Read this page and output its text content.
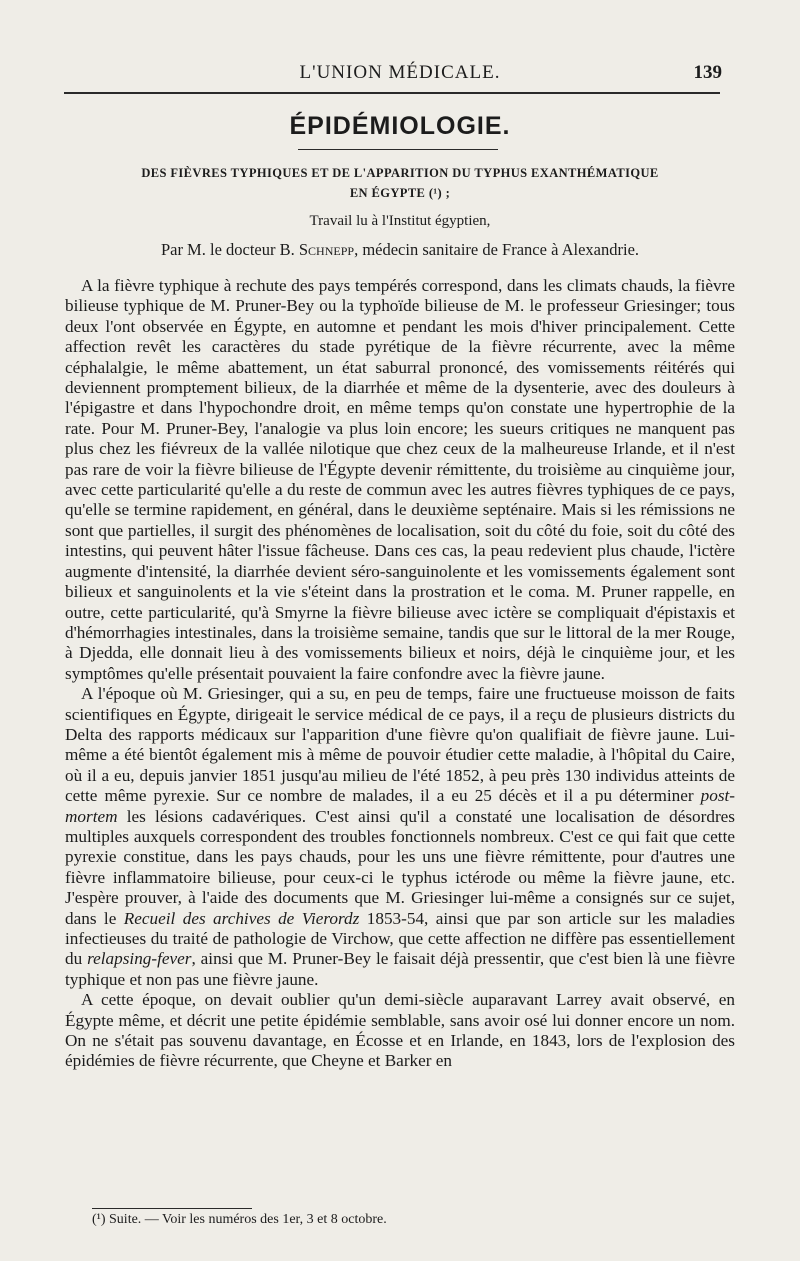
L'UNION MÉDICALE.	139
ÉPIDÉMIOLOGIE.
DES FIÈVRES TYPHIQUES ET DE L'APPARITION DU TYPHUS EXANTHÉMATIQUE
EN ÉGYPTE (¹) ;
Travail lu à l'Institut égyptien,
Par M. le docteur B. Schnepp, médecin sanitaire de France à Alexandrie.

A la fièvre typhique à rechute des pays tempérés correspond, dans les climats chauds, la fièvre bilieuse typhique de M. Pruner-Bey ou la typhoïde bilieuse de M. le professeur Griesinger; tous deux l'ont observée en Égypte, en automne et pendant les mois d'hiver principalement. Cette affection revêt les caractères du stade pyrétique de la fièvre récurrente, avec la même céphalalgie, le même abattement, un état saburral prononcé, des vomissements réitérés qui deviennent promptement bilieux, de la diarrhée et même de la dysenterie, avec des douleurs à l'épigastre et dans l'hypochondre droit, en même temps qu'on constate une hypertrophie de la rate. Pour M. Pruner-Bey, l'analogie va plus loin encore; les sueurs critiques ne manquent pas plus chez les fiévreux de la vallée nilotique que chez ceux de la malheureuse Irlande, et il n'est pas rare de voir la fièvre bilieuse de l'Égypte devenir rémittente, du troisième au cinquième jour, avec cette particularité qu'elle a du reste de commun avec les autres fièvres typhiques de ce pays, qu'elle se termine rapidement, en général, dans le deuxième septénaire. Mais si les rémissions ne sont que partielles, il surgit des phénomènes de localisation, soit du côté du foie, soit du côté des intestins, qui peuvent hâter l'issue fâcheuse. Dans ces cas, la peau redevient plus chaude, l'ictère augmente d'intensité, la diarrhée devient séro-sanguinolente et les vomissements également sont bilieux et sanguinolents et la vie s'éteint dans la prostration et le coma. M. Pruner rappelle, en outre, cette particularité, qu'à Smyrne la fièvre bilieuse avec ictère se compliquait d'épistaxis et d'hémorrhagies intestinales, dans la troisième semaine, tandis que sur le littoral de la mer Rouge, à Djedda, elle donnait lieu à des vomissements bilieux et noirs, déjà le cinquième jour, et les symptômes qu'elle présentait pouvaient la faire confondre avec la fièvre jaune.

A l'époque où M. Griesinger, qui a su, en peu de temps, faire une fructueuse moisson de faits scientifiques en Égypte, dirigeait le service médical de ce pays, il a reçu de plusieurs districts du Delta des rapports médicaux sur l'apparition d'une fièvre qu'on qualifiait de fièvre jaune. Lui-même a été bientôt également mis à même de pouvoir étudier cette maladie, à l'hôpital du Caire, où il a eu, depuis janvier 1851 jusqu'au milieu de l'été 1852, à peu près 130 individus atteints de cette même pyrexie. Sur ce nombre de malades, il a eu 25 décès et il a pu déterminer post-mortem les lésions cadavériques. C'est ainsi qu'il a constaté une localisation de désordres multiples auxquels correspondent des troubles fonctionnels nombreux. C'est ce qui fait que cette pyrexie constitue, dans les pays chauds, pour les uns une fièvre rémittente, pour d'autres une fièvre inflammatoire bilieuse, pour ceux-ci le typhus ictérode ou même la fièvre jaune, etc. J'espère prouver, à l'aide des documents que M. Griesinger lui-même a consignés sur ce sujet, dans le Recueil des archives de Vierordz 1853-54, ainsi que par son article sur les maladies infectieuses du traité de pathologie de Virchow, que cette affection ne diffère pas essentiellement du relapsing-fever, ainsi que M. Pruner-Bey le faisait déjà pressentir, que c'est bien là une fièvre typhique et non pas une fièvre jaune.

A cette époque, on devait oublier qu'un demi-siècle auparavant Larrey avait observé, en Égypte même, et décrit une petite épidémie semblable, sans avoir osé lui donner encore un nom. On ne s'était pas souvenu davantage, en Écosse et en Irlande, en 1843, lors de l'explosion des épidémies de fièvre récurrente, que Cheyne et Barker en

(¹) Suite. — Voir les numéros des 1er, 3 et 8 octobre.
